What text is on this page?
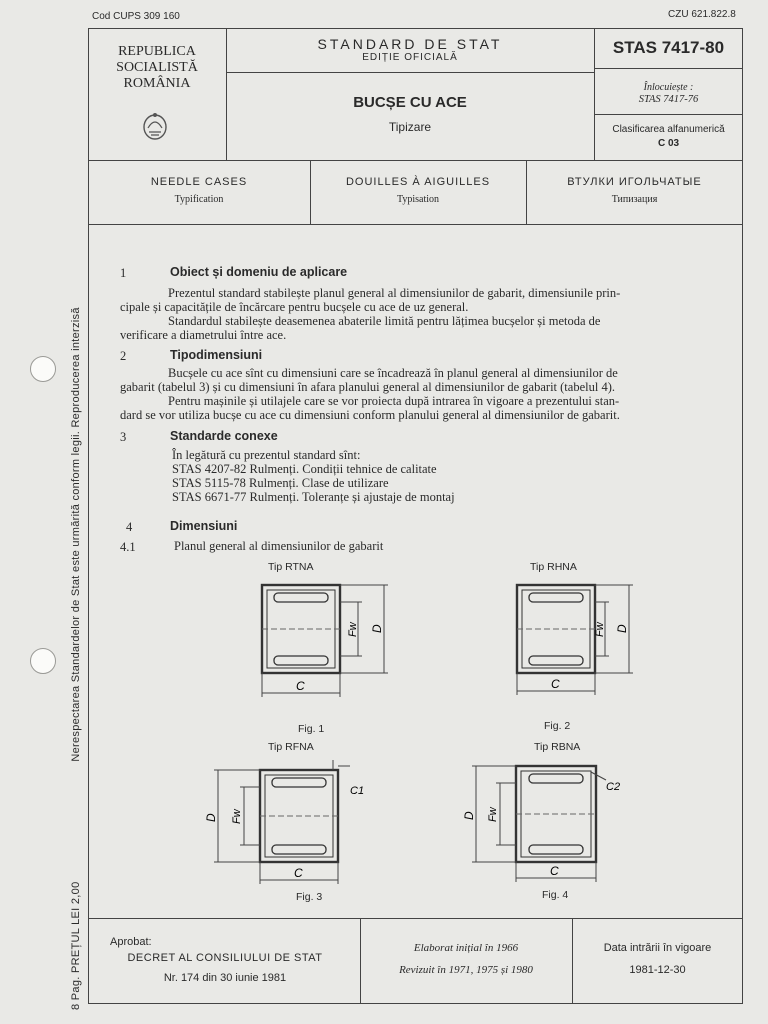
Cod CUPS 309 160	CZU 621.822.8
8 Pag. PREȚUL LEI 2,00 Nerespectarea Standardelor de Stat este urmărită conform legii. Reproducerea interzisă
REPUBLICA
SOCIALISTĂ
ROMÂNIA
STANDARD DE STAT
EDIȚIE OFICIALĂ
BUCȘE CU ACE
Tipizare
STAS 7417-80
Înlocuiește :
STAS 7417-76
Clasificarea alfanumerică
C 03
NEEDLE CASES
Typification
DOUILLES À AIGUILLES
Typisation
ВТУЛКИ ИГОЛЬЧАТЫЕ
Типизация
1	Obiect și domeniu de aplicare

Prezentul standard stabilește planul general al dimensiunilor de gabarit, dimensiunile prin-

cipale și capacitățile de încărcare pentru bucșele cu ace de uz general.

Standardul stabilește deasemenea abaterile limită pentru lățimea bucșelor și metoda de

verificare a diametrului între ace.

2	Tipodimensiuni

Bucșele cu ace sînt cu dimensiuni care se încadrează în planul general al dimensiunilor de

gabarit (tabelul 3) și cu dimensiuni în afara planului general al dimensiunilor de gabarit (tabelul 4).

Pentru mașinile și utilajele care se vor proiecta după intrarea în vigoare a prezentului stan-

dard se vor utiliza bucșe cu ace cu dimensiuni conform planului general al dimensiunilor de gabarit.

3	Standarde conexe

În legătură cu prezentul standard sînt:

STAS 4207-82 Rulmenți. Condiții tehnice de calitate

STAS 5115-78 Rulmenți. Clase de utilizare

STAS 6671-77 Rulmenți. Toleranțe și ajustaje de montaj

4	Dimensiuni
4.1	Planul general al dimensiunilor de gabarit
Tip RTNA	Tip RHNA
Fig. 1	Fig. 2
Tip RFNA	Tip RBNA
Fig. 3	Fig. 4
Fw D
C
Fw D
C
Fw
D
C
C1
Fw
D
C
C2
Aprobat:
DECRET AL CONSILIULUI DE STAT
Nr. 174 din 30 iunie 1981
Elaborat inițial în 1966
Revizuit în 1971, 1975 și 1980
Data intrării în vigoare
1981-12-30
